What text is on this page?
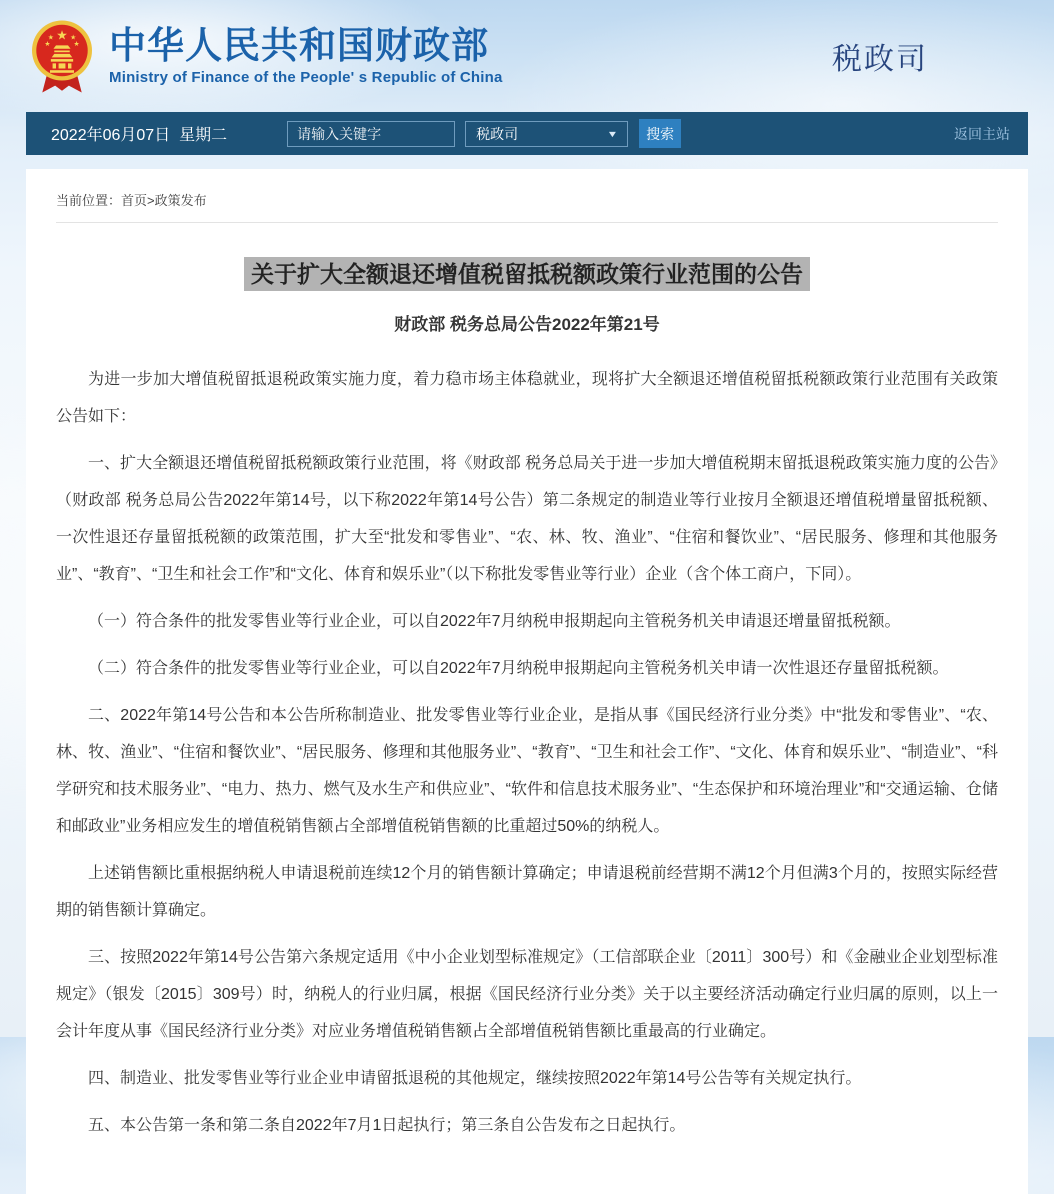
★
★ ★
★	★ 中华人民共和国财政部
Ministry of Finance of the People' s Republic of China
税政司
2022年06月07日  星期二
请输入关键字	税政司	▼	搜索	返回主站
当前位置：首页>政策发布
关于扩大全额退还增值税留抵税额政策行业范围的公告
财政部 税务总局公告2022年第21号

为进一步加大增值税留抵退税政策实施力度，着力稳市场主体稳就业，现将扩大全额退还增值税留抵税额政策行业范围有关政策公告如下：

一、扩大全额退还增值税留抵税额政策行业范围，将《财政部 税务总局关于进一步加大增值税期末留抵退税政策实施力度的公告》（财政部 税务总局公告2022年第14号，以下称2022年第14号公告）第二条规定的制造业等行业按月全额退还增值税增量留抵税额、一次性退还存量留抵税额的政策范围，扩大至“批发和零售业”、“农、林、牧、渔业”、“住宿和餐饮业”、“居民服务、修理和其他服务业”、“教育”、“卫生和社会工作”和“文化、体育和娱乐业”（以下称批发零售业等行业）企业（含个体工商户，下同）。

（一）符合条件的批发零售业等行业企业，可以自2022年7月纳税申报期起向主管税务机关申请退还增量留抵税额。

（二）符合条件的批发零售业等行业企业，可以自2022年7月纳税申报期起向主管税务机关申请一次性退还存量留抵税额。

二、2022年第14号公告和本公告所称制造业、批发零售业等行业企业，是指从事《国民经济行业分类》中“批发和零售业”、“农、林、牧、渔业”、“住宿和餐饮业”、“居民服务、修理和其他服务业”、“教育”、“卫生和社会工作”、“文化、体育和娱乐业”、“制造业”、“科学研究和技术服务业”、“电力、热力、燃气及水生产和供应业”、“软件和信息技术服务业”、“生态保护和环境治理业”和“交通运输、仓储和邮政业”业务相应发生的增值税销售额占全部增值税销售额的比重超过50%的纳税人。

上述销售额比重根据纳税人申请退税前连续12个月的销售额计算确定；申请退税前经营期不满12个月但满3个月的，按照实际经营期的销售额计算确定。

三、按照2022年第14号公告第六条规定适用《中小企业划型标准规定》（工信部联企业〔2011〕300号）和《金融业企业划型标准规定》（银发〔2015〕309号）时，纳税人的行业归属，根据《国民经济行业分类》关于以主要经济活动确定行业归属的原则，以上一会计年度从事《国民经济行业分类》对应业务增值税销售额占全部增值税销售额比重最高的行业确定。

四、制造业、批发零售业等行业企业申请留抵退税的其他规定，继续按照2022年第14号公告等有关规定执行。

五、本公告第一条和第二条自2022年7月1日起执行；第三条自公告发布之日起执行。
